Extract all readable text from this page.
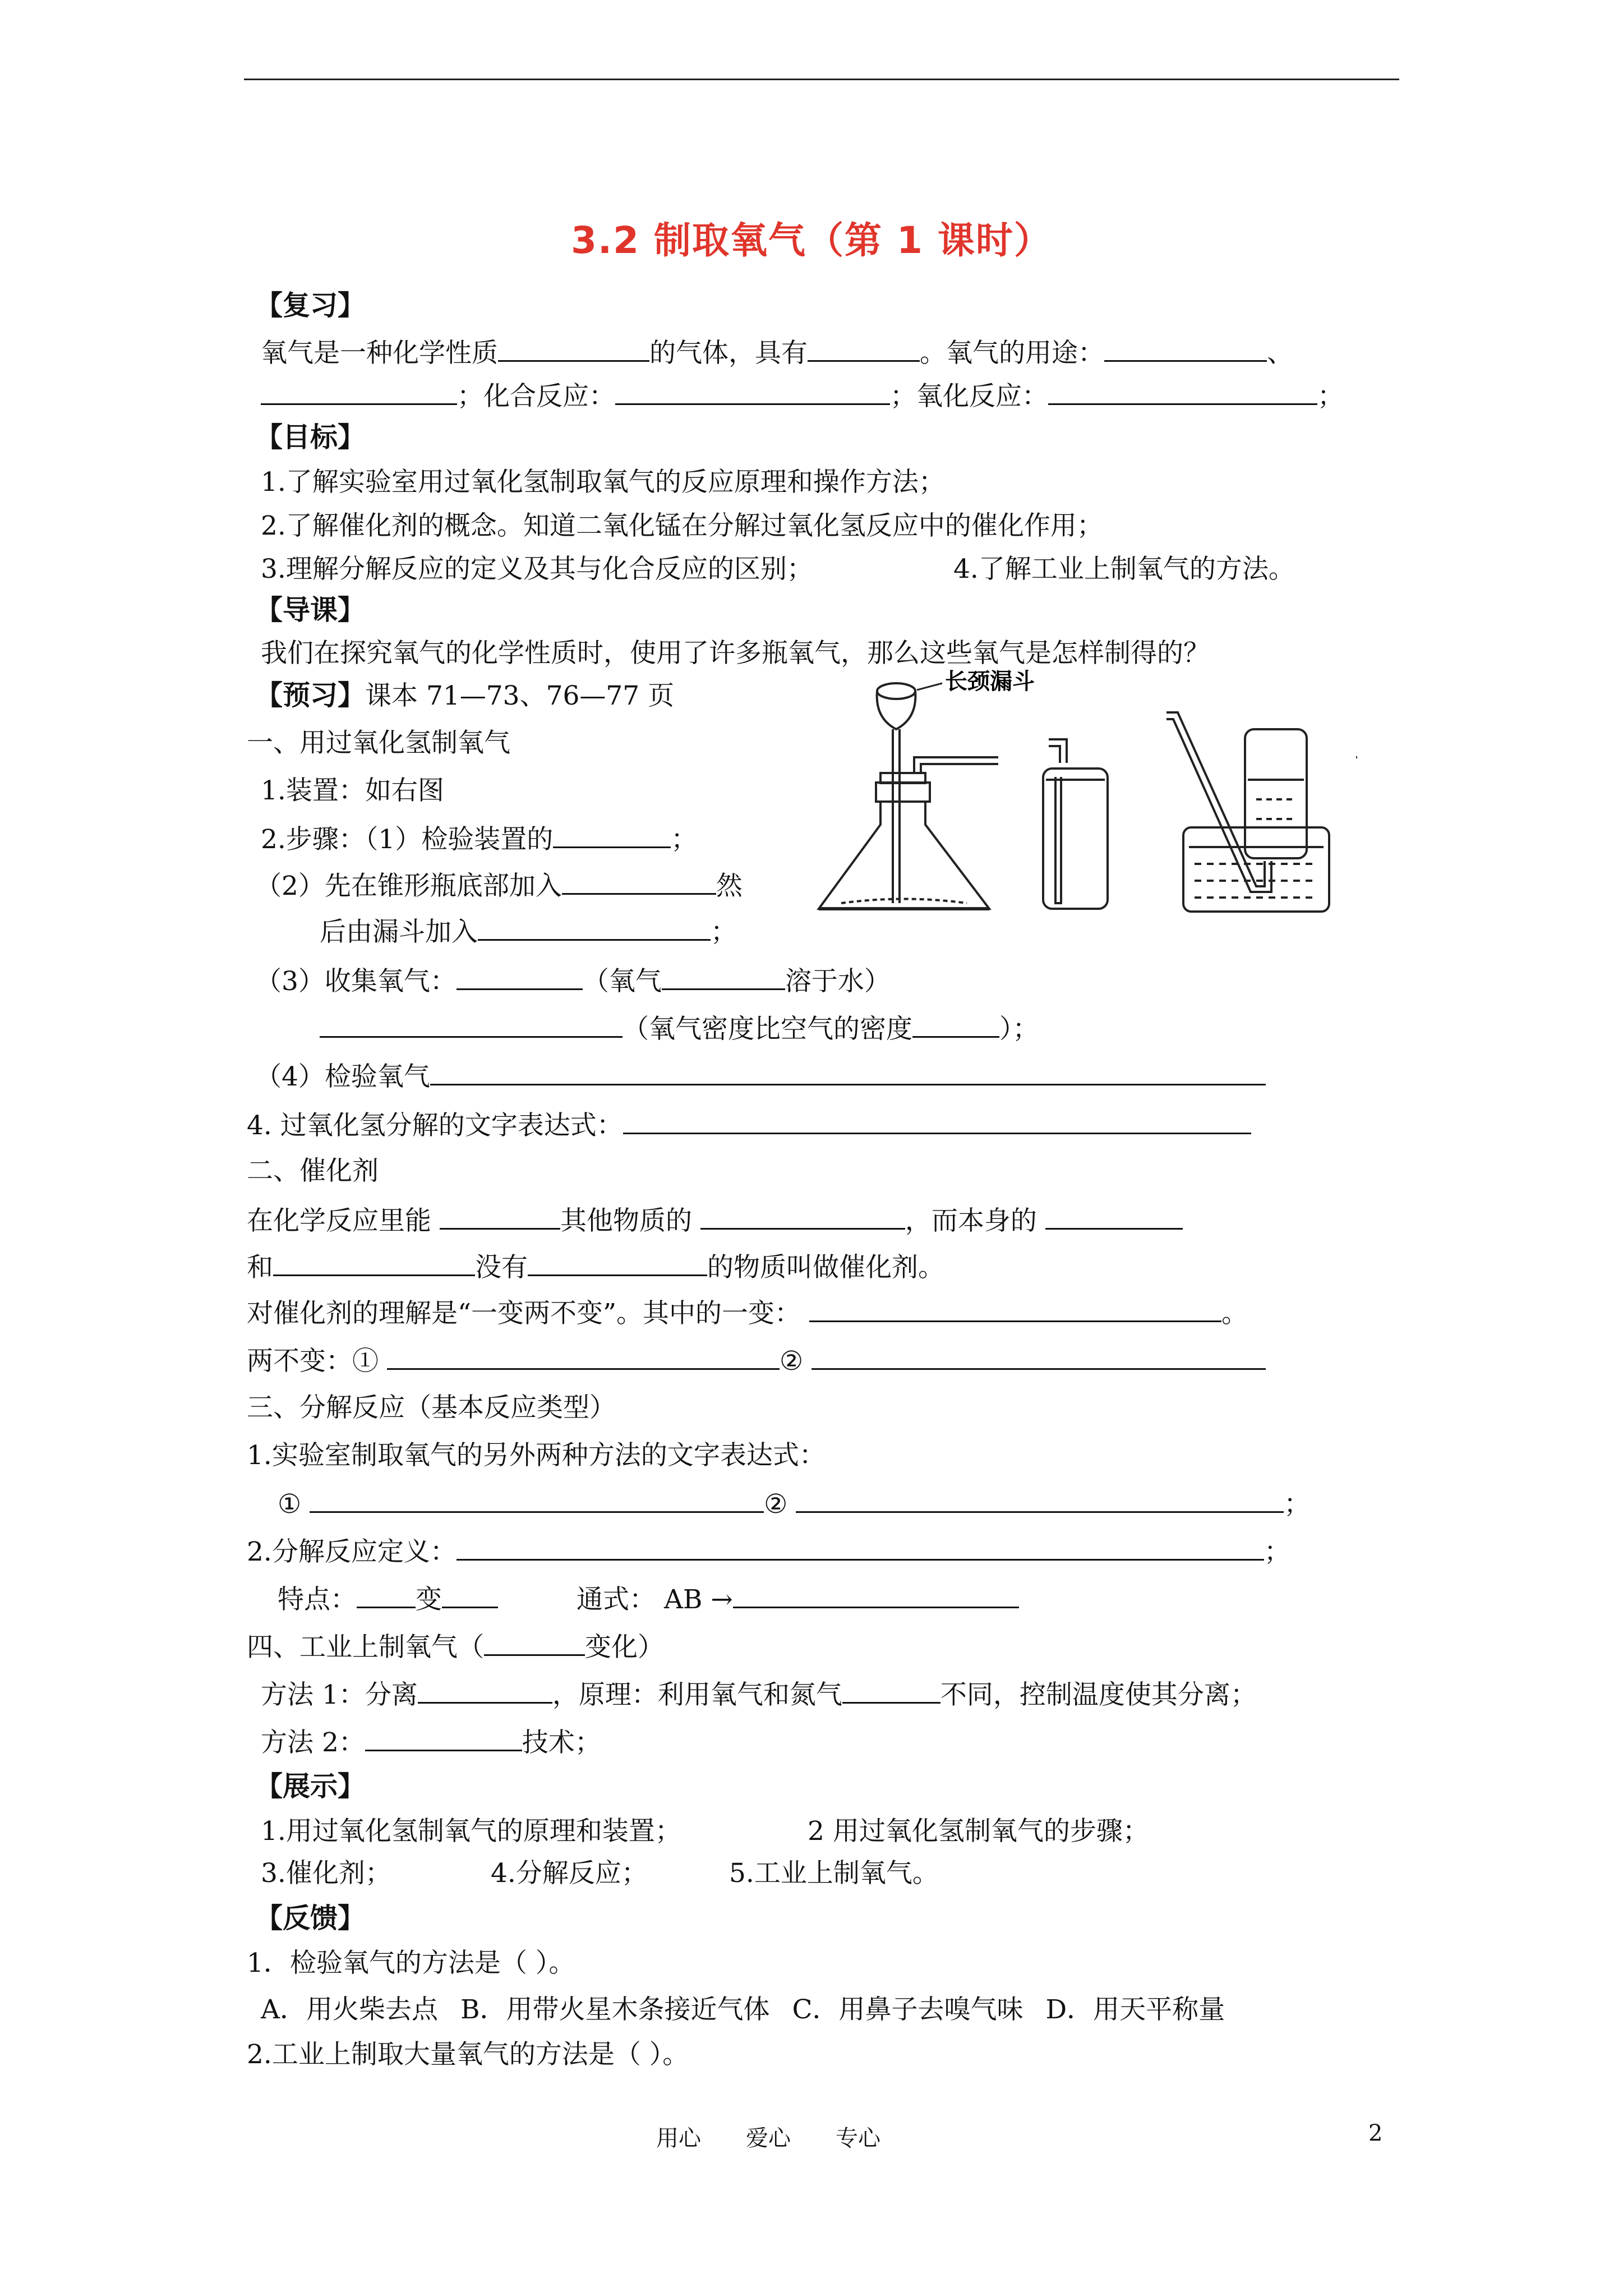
3.2 制取氧气（第 1 课时）
【复习】
氧气是一种化学性质	的气体，具有	。氧气的用途：	、
；化合反应：	；氧化反应：	；
【目标】
1.了解实验室用过氧化氢制取氧气的反应原理和操作方法；
2.了解催化剂的概念。知道二氧化锰在分解过氧化氢反应中的催化作用；
3.理解分解反应的定义及其与化合反应的区别；	4.了解工业上制氧气的方法。
【导课】
我们在探究氧气的化学性质时，使用了许多瓶氧气，那么这些氧气是怎样制得的？
【预习】课本 71—73、76—77 页
一、用过氧化氢制氧气
1.装置：如右图
2.步骤：（1）检验装置的	；
（2）先在锥形瓶底部加入	然
后由漏斗加入	；
（3）收集氧气：	（氧气	溶于水）
（氧气密度比空气的密度	）；
（4）检验氧气
4. 过氧化氢分解的文字表达式：
长颈漏斗
二、催化剂
在化学反应里能	其他物质的	，而本身的
和	没有	的物质叫做催化剂。
对催化剂的理解是“一变两不变”。其中的一变：	。
两不变：①	②
三、分解反应（基本反应类型）
1.实验室制取氧气的另外两种方法的文字表达式：
①	②	；
2.分解反应定义：	；
特点： 变	通式： AB →
四、工业上制氧气（	变化）
方法 1：分离	，原理：利用氧气和氮气	不同，控制温度使其分离；
方法 2：	技术；
【展示】
1.用过氧化氢制氧气的原理和装置；	2 用过氧化氢制氧气的步骤；
3.催化剂；	4.分解反应；	5.工业上制氧气。
【反馈】
1．检验氧气的方法是（ ）。
A．用火柴去点 B．用带火星木条接近气体 C．用鼻子去嗅气味 D．用天平称量
2.工业上制取大量氧气的方法是（ ）。
用心 爱心 专心	2
